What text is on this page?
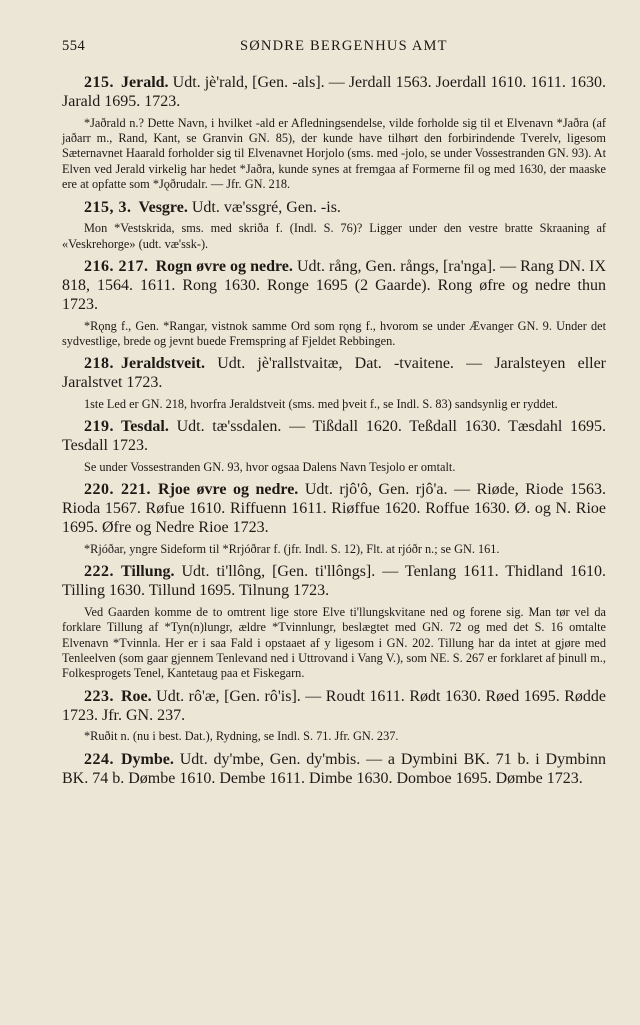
554	SØNDRE BERGENHUS AMT

215. Jerald. Udt. jè'rald, [Gen. -als]. — Jerdall 1563. Joerdall 1610. 1611. 1630. Jarald 1695. 1723.

*Jaðrald n.? Dette Navn, i hvilket -ald er Afledningsendelse, vilde forholde sig til et Elvenavn *Jaðra (af jaðarr m., Rand, Kant, se Granvin GN. 85), der kunde have tilhørt den forbirindende Tverelv, ligesom Sæternavnet Haarald forholder sig til Elvenavnet Horjolo (sms. med -jolo, se under Vossestranden GN. 93). At Elven ved Jerald virkelig har hedet *Jaðra, kunde synes at fremgaa af Formerne fil og med 1630, der maaske ere at opfatte som *Jǫðrudalr. — Jfr. GN. 218.

215, 3. Vesgre. Udt. væ'ssgré, Gen. -is.

Mon *Vestskrida, sms. med skriða f. (Indl. S. 76)? Ligger under den vestre bratte Skraaning af «Veskrehorge» (udt. væ'ssk-).

216. 217. Rogn øvre og nedre. Udt. rång, Gen. rångs, [ra'nga]. — Rang DN. IX 818, 1564. 1611. Rong 1630. Ronge 1695 (2 Gaarde). Rong øfre og nedre thun 1723.

*Rǫng f., Gen. *Rangar, vistnok samme Ord som rǫng f., hvorom se under Ævanger GN. 9. Under det sydvestlige, brede og jevnt buede Fremspring af Fjeldet Rebbingen.

218. Jeraldstveit. Udt. jè'rallstvaitæ, Dat. -tvaitene. — Jaralsteyen eller Jaralstvet 1723.

1ste Led er GN. 218, hvorfra Jeraldstveit (sms. med þveit f., se Indl. S. 83) sandsynlig er ryddet.

219. Tesdal. Udt. tæ'ssdalen. — Tißdall 1620. Teßdall 1630. Tæsdahl 1695. Tesdall 1723.

Se under Vossestranden GN. 93, hvor ogsaa Dalens Navn Tesjolo er omtalt.

220. 221. Rjoe øvre og nedre. Udt. rjô'ô, Gen. rjô'a. — Riøde, Riode 1563. Rioda 1567. Røfue 1610. Riffuenn 1611. Riøffue 1620. Roffue 1630. Ø. og N. Rioe 1695. Øfre og Nedre Rioe 1723.

*Rjóðar, yngre Sideform til *Rrjóðrar f. (jfr. Indl. S. 12), Flt. at rjóðr n.; se GN. 161.

222. Tillung. Udt. ti'llông, [Gen. ti'llôngs]. — Tenlang 1611. Thidland 1610. Tilling 1630. Tillund 1695. Tilnung 1723.

Ved Gaarden komme de to omtrent lige store Elve ti'llungskvitane ned og forene sig. Man tør vel da forklare Tillung af *Tyn(n)lungr, ældre *Tvinnlungr, beslægtet med GN. 72 og med det S. 16 omtalte Elvenavn *Tvinnla. Her er i saa Fald i opstaaet af y ligesom i GN. 202. Tillung har da intet at gjøre med Tenleelven (som gaar gjennem Tenlevand ned i Uttrovand i Vang V.), som NE. S. 267 er forklaret af þinull m., Folkesprogets Tenel, Kantetaug paa et Fiskegarn.

223. Roe. Udt. rô'æ, [Gen. rô'is]. — Roudt 1611. Rødt 1630. Røed 1695. Rødde 1723. Jfr. GN. 237.

*Ruðit n. (nu i best. Dat.), Rydning, se Indl. S. 71. Jfr. GN. 237.

224. Dymbe. Udt. dy'mbe, Gen. dy'mbis. — a Dymbini BK. 71 b. i Dymbinn BK. 74 b. Dømbe 1610. Dembe 1611. Dimbe 1630. Domboe 1695. Dømbe 1723.
